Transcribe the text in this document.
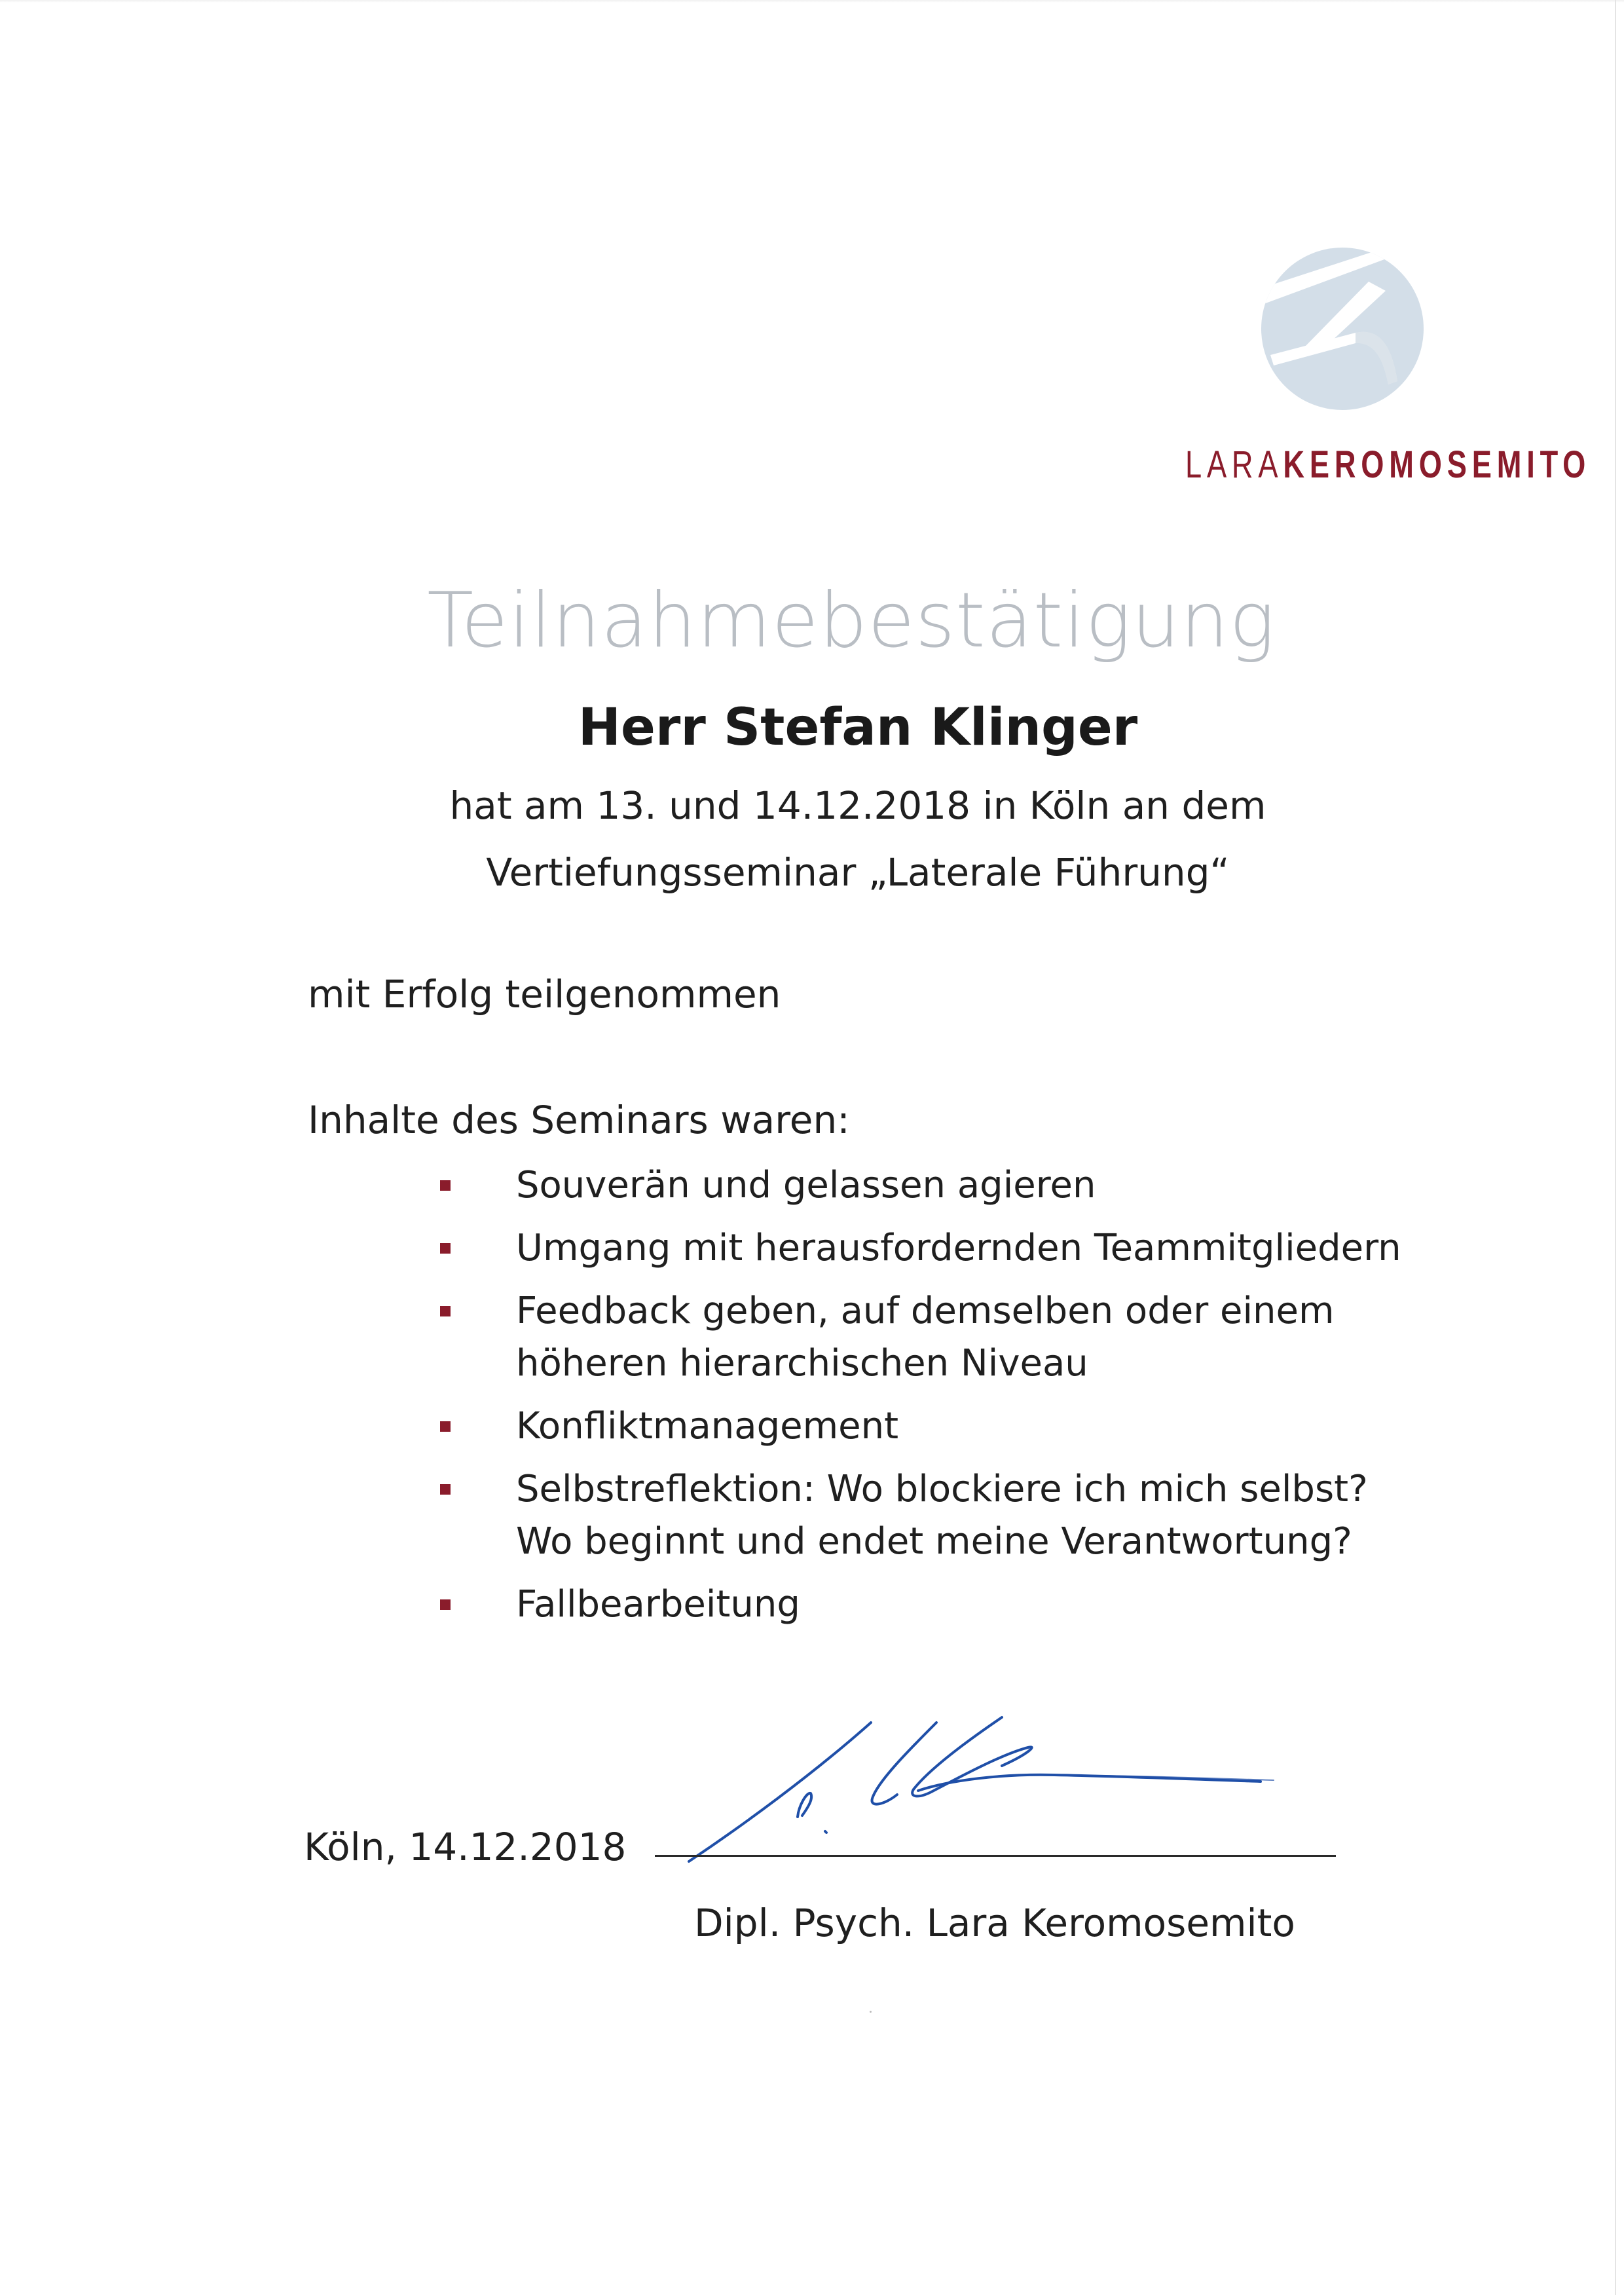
LARAKEROMOSEMITO
Teilnahmebestätigung
Herr Stefan Klinger
hat am 13. und 14.12.2018 in Köln an dem
Vertiefungsseminar „Laterale Führung“
mit Erfolg teilgenommen
Inhalte des Seminars waren:
Souverän und gelassen agieren
Umgang mit herausfordernden Teammitgliedern
Feedback geben, auf demselben oder einem höheren hierarchischen Niveau
Konfliktmanagement
Selbstreflektion: Wo blockiere ich mich selbst? Wo beginnt und endet meine Verantwortung?
Fallbearbeitung
Köln, 14.12.2018
Dipl. Psych. Lara Keromosemito
